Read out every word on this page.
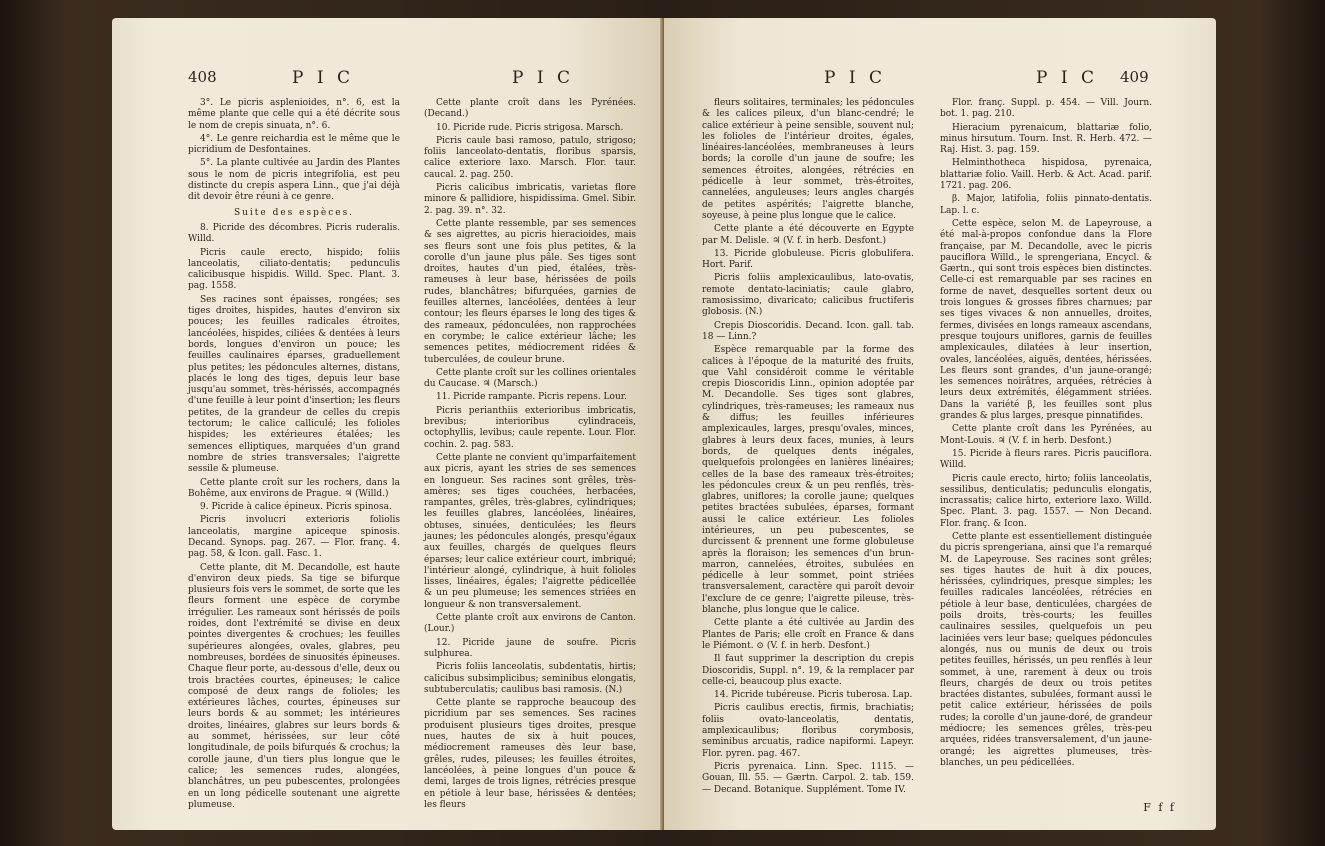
408	P I C	P I C

3°. Le picris asplenioides, n°. 6, est la même plante que celle qui a été décrite sous le nom de crepis sinuata, n°. 6.

4°. Le genre reichardia est le même que le picridium de Desfontaines.

5°. La plante cultivée au Jardin des Plantes sous le nom de picris integrifolia, est peu distincte du crepis aspera Linn., que j'ai déjà dit devoir être réuni à ce genre.

Suite des espèces.

8. Picride des décombres. Picris ruderalis. Willd.

Picris caule erecto, hispido; foliis lanceolatis, ciliato-dentatis; pedunculis calicibusque hispidis. Willd. Spec. Plant. 3. pag. 1558.

Ses racines sont épaisses, rongées; ses tiges droites, hispides, hautes d'environ six pouces; les feuilles radicales étroites, lancéolées, hispides, ciliées & dentées à leurs bords, longues d'environ un pouce; les feuilles caulinaires éparses, graduellement plus petites; les pédoncules alternes, distans, placés le long des tiges, depuis leur base jusqu'au sommet, très-hérissés, accompagnés d'une feuille à leur point d'insertion; les fleurs petites, de la grandeur de celles du crepis tectorum; le calice calliculé; les folioles hispides; les extérieures étalées; les semences elliptiques, marquées d'un grand nombre de stries transversales; l'aigrette sessile & plumeuse.

Cette plante croît sur les rochers, dans la Bohême, aux environs de Prague. ♃ (Willd.)

9. Picride à calice épineux. Picris spinosa.

Picris involucri exterioris foliolis lanceolatis, margine apiceque spinosis. Decand. Synops. pag. 267. — Flor. franç. 4. pag. 58, & Icon. gall. Fasc. 1.

Cette plante, dit M. Decandolle, est haute d'environ deux pieds. Sa tige se bifurque plusieurs fois vers le sommet, de sorte que les fleurs forment une espèce de corymbe irrégulier. Les rameaux sont hérissés de poils roides, dont l'extrémité se divise en deux pointes divergentes & crochues; les feuilles supérieures alongées, ovales, glabres, peu nombreuses, bordées de sinuosités épineuses. Chaque fleur porte, au-dessous d'elle, deux ou trois bractées courtes, épineuses; le calice composé de deux rangs de folioles; les extérieures lâches, courtes, épineuses sur leurs bords & au sommet; les intérieures droites, linéaires, glabres sur leurs bords & au sommet, hérissées, sur leur côté longitudinale, de poils bifurqués & crochus; la corolle jaune, d'un tiers plus longue que le calice; les semences rudes, alongées, blanchâtres, un peu pubescentes, prolongées en un long pédicelle soutenant une aigrette plumeuse.

Cette plante croît dans les Pyrénées. (Decand.)

10. Picride rude. Picris strigosa. Marsch.

Picris caule basi ramoso, patulo, strigoso; foliis lanceolato-dentatis, floribus sparsis, calice exteriore laxo. Marsch. Flor. taur. caucal. 2. pag. 250.

Picris calicibus imbricatis, varietas flore minore & pallidiore, hispidissima. Gmel. Sibir. 2. pag. 39. n°. 32.

Cette plante ressemble, par ses semences & ses aigrettes, au picris hieracioides, mais ses fleurs sont une fois plus petites, & la corolle d'un jaune plus pâle. Ses tiges sont droites, hautes d'un pied, étalées, très-rameuses à leur base, hérissées de poils rudes, blanchâtres; bifurquées, garnies de feuilles alternes, lancéolées, dentées à leur contour; les fleurs éparses le long des tiges & des rameaux, pédonculées, non rapprochées en corymbe; le calice extérieur lâche; les semences petites, médiocrement ridées & tuberculées, de couleur brune.

Cette plante croît sur les collines orientales du Caucase. ♃ (Marsch.)

11. Picride rampante. Picris repens. Lour.

Picris perianthiis exterioribus imbricatis, brevibus; interioribus cylindraceis, octophyllis, levibus; caule repente. Lour. Flor. cochin. 2. pag. 583.

Cette plante ne convient qu'imparfaitement aux picris, ayant les stries de ses semences en longueur. Ses racines sont grêles, très-amères; ses tiges couchées, herbacées, rampantes, grêles, très-glabres, cylindriques; les feuilles glabres, lancéolées, linéaires, obtuses, sinuées, denticulées; les fleurs jaunes; les pédoncules alongés, presqu'égaux aux feuilles, chargés de quelques fleurs éparses; leur calice extérieur court, imbriqué; l'intérieur alongé, cylindrique, à huit folioles lisses, linéaires, égales; l'aigrette pédicellée & un peu plumeuse; les semences striées en longueur & non transversalement.

Cette plante croît aux environs de Canton. (Lour.)

12. Picride jaune de soufre. Picris sulphurea.

Picris foliis lanceolatis, subdentatis, hirtis; calicibus subsimplicibus; seminibus elongatis, subtuberculatis; caulibus basi ramosis. (N.)

Cette plante se rapproche beaucoup des picridium par ses semences. Ses racines produisent plusieurs tiges droites, presque nues, hautes de six à huit pouces, médiocrement rameuses dès leur base, grêles, rudes, pileuses; les feuilles étroites, lancéolées, à peine longues d'un pouce & demi, larges de trois lignes, rétrécies presque en pétiole à leur base, hérissées & dentées; les fleurs

P I C	P I C 409

fleurs solitaires, terminales; les pédoncules & les calices pileux, d'un blanc-cendré; le calice extérieur à peine sensible, souvent nul; les folioles de l'intérieur droites, égales, linéaires-lancéolées, membraneuses à leurs bords; la corolle d'un jaune de soufre; les semences étroites, alongées, rétrécies en pédicelle à leur sommet, très-étroites, cannelées, anguleuses; leurs angles chargés de petites aspérités; l'aigrette blanche, soyeuse, à peine plus longue que le calice.

Cette plante a été découverte en Egypte par M. Delisle. ♃ (V. f. in herb. Desfont.)

13. Picride globuleuse. Picris globulifera. Hort. Parif.

Picris foliis amplexicaulibus, lato-ovatis, remote dentato-laciniatis; caule glabro, ramosissimo, divaricato; calicibus fructiferis globosis. (N.)

Crepis Dioscoridis. Decand. Icon. gall. tab. 18 — Linn.?

Espèce remarquable par la forme des calices à l'époque de la maturité des fruits, que Vahl considéroit comme le véritable crepis Dioscoridis Linn., opinion adoptée par M. Decandolle. Ses tiges sont glabres, cylindriques, très-rameuses; les rameaux nus & diffus; les feuilles inférieures amplexicaules, larges, presqu'ovales, minces, glabres à leurs deux faces, munies, à leurs bords, de quelques dents inégales, quelquefois prolongées en lanières linéaires; celles de la base des rameaux très-étroites; les pédoncules creux & un peu renflés, très-glabres, uniflores; la corolle jaune; quelques petites bractées subulées, éparses, formant aussi le calice extérieur. Les folioles intérieures, un peu pubescentes, se durcissent & prennent une forme globuleuse après la floraison; les semences d'un brun-marron, cannelées, étroites, subulées en pédicelle à leur sommet, point striées transversalement, caractère qui paroît devoir l'exclure de ce genre; l'aigrette pileuse, très-blanche, plus longue que le calice.

Cette plante a été cultivée au Jardin des Plantes de Paris; elle croît en France & dans le Piémont. ⊙ (V. f. in herb. Desfont.)

Il faut supprimer la description du crepis Dioscoridis, Suppl. n°. 19, & la remplacer par celle-ci, beaucoup plus exacte.

14. Picride tubéreuse. Picris tuberosa. Lap.

Picris caulibus erectis, firmis, brachiatis; foliis ovato-lanceolatis, dentatis, amplexicaulibus; floribus corymbosis, seminibus arcuatis, radice napiformi. Lapeyr. Flor. pyren. pag. 467.

Picris pyrenaica. Linn. Spec. 1115. — Gouan, Ill. 55. — Gærtn. Carpol. 2. tab. 159. — Decand. Botanique. Supplément. Tome IV.

Flor. franç. Suppl. p. 454. — Vill. Journ. bot. 1. pag. 210.

Hieracium pyrenaicum, blattariæ folio, minus hirsutum. Tourn. Inst. R. Herb. 472. — Raj. Hist. 3. pag. 159.

Helminthotheca hispidosa, pyrenaica, blattariæ folio. Vaill. Herb. & Act. Acad. parif. 1721. pag. 206.

β. Major, latifolia, foliis pinnato-dentatis. Lap. l. c.

Cette espèce, selon M. de Lapeyrouse, a été mal-à-propos confondue dans la Flore française, par M. Decandolle, avec le picris pauciflora Willd., le sprengeriana, Encycl. & Gærtn., qui sont trois espèces bien distinctes. Celle-ci est remarquable par ses racines en forme de navet, desquelles sortent deux ou trois longues & grosses fibres charnues; par ses tiges vivaces & non annuelles, droites, fermes, divisées en longs rameaux ascendans, presque toujours uniflores, garnis de feuilles amplexicaules, dilatées à leur insertion, ovales, lancéolées, aiguës, dentées, hérissées. Les fleurs sont grandes, d'un jaune-orangé; les semences noirâtres, arquées, rétrécies à leurs deux extrémités, élégamment striées. Dans la variété β, les feuilles sont plus grandes & plus larges, presque pinnatifides.

Cette plante croît dans les Pyrénées, au Mont-Louis. ♃ (V. f. in herb. Desfont.)

15. Picride à fleurs rares. Picris pauciflora. Willd.

Picris caule erecto, hirto; foliis lanceolatis, sessilibus, denticulatis; pedunculis elongatis, incrassatis; calice hirto, exteriore laxo. Willd. Spec. Plant. 3. pag. 1557. — Non Decand. Flor. franç. & Icon.

Cette plante est essentiellement distinguée du picris sprengeriana, ainsi que l'a remarqué M. de Lapeyrouse. Ses racines sont grêles; ses tiges hautes de huit à dix pouces, hérissées, cylindriques, presque simples; les feuilles radicales lancéolées, rétrécies en pétiole à leur base, denticulées, chargées de poils droits, très-courts; les feuilles caulinaires sessiles, quelquefois un peu laciniées vers leur base; quelques pédoncules alongés, nus ou munis de deux ou trois petites feuilles, hérissés, un peu renflés à leur sommet, à une, rarement à deux ou trois fleurs, chargés de deux ou trois petites bractées distantes, subulées, formant aussi le petit calice extérieur, hérissées de poils rudes; la corolle d'un jaune-doré, de grandeur médiocre; les semences grêles, très-peu arquées, ridées transversalement, d'un jaune-orangé; les aigrettes plumeuses, très-blanches, un peu pédicellées.

F f f
